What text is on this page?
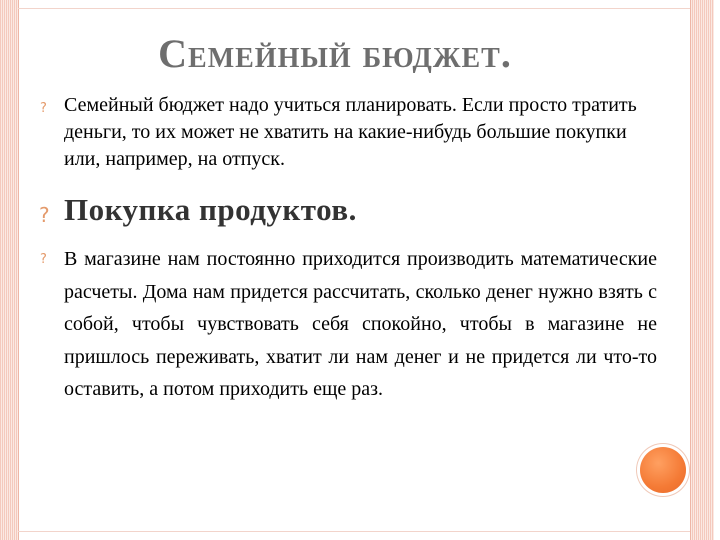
Семейный бюджет.
? Семейный бюджет надо учиться планировать. Если просто тратить деньги, то их может не хватить на какие-нибудь большие покупки или, например, на отпуск.

? Покупка продуктов.
? В магазине нам постоянно приходится производить математические расчеты. Дома нам придется рассчитать, сколько денег нужно взять с собой, чтобы чувствовать себя спокойно, чтобы в магазине не пришлось переживать, хватит ли нам денег и не придется ли что-то оставить, а потом приходить еще раз.
